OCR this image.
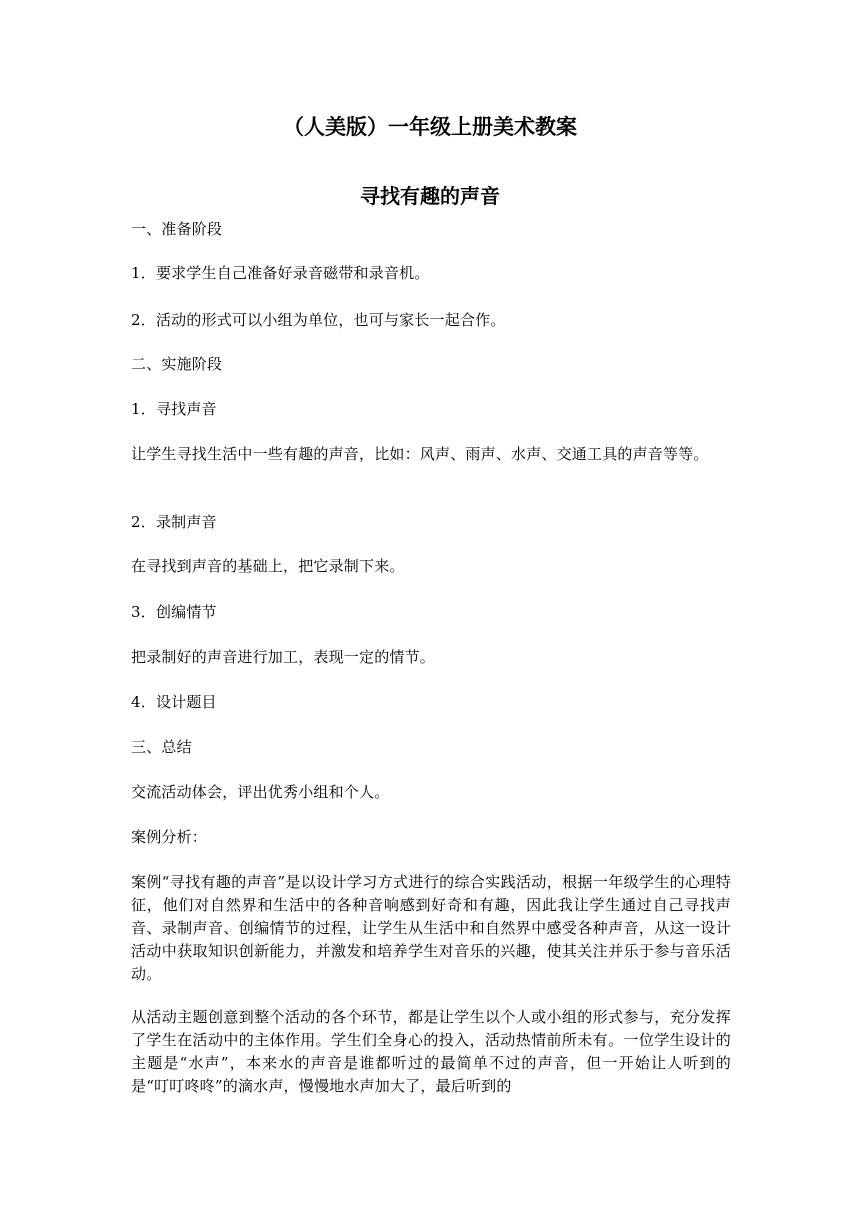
（人美版）一年级上册美术教案
寻找有趣的声音

一、准备阶段

1．要求学生自己准备好录音磁带和录音机。

2．活动的形式可以小组为单位，也可与家长一起合作。

二、实施阶段

1．寻找声音

让学生寻找生活中一些有趣的声音，比如：风声、雨声、水声、交通工具的声音等等。

2．录制声音

在寻找到声音的基础上，把它录制下来。

3．创编情节

把录制好的声音进行加工，表现一定的情节。

4．设计题目

三、总结

交流活动体会，评出优秀小组和个人。

案例分析：

案例“寻找有趣的声音”是以设计学习方式进行的综合实践活动，根据一年级学生的心理特征，他们对自然界和生活中的各种音响感到好奇和有趣，因此我让学生通过自己寻找声音、录制声音、创编情节的过程，让学生从生活中和自然界中感受各种声音，从这一设计活动中获取知识创新能力，并激发和培养学生对音乐的兴趣，使其关注并乐于参与音乐活动。

从活动主题创意到整个活动的各个环节，都是让学生以个人或小组的形式参与，充分发挥了学生在活动中的主体作用。学生们全身心的投入，活动热情前所未有。一位学生设计的主题是“水声”，本来水的声音是谁都听过的最简单不过的声音，但一开始让人听到的是“叮叮咚咚”的滴水声，慢慢地水声加大了，最后听到的
